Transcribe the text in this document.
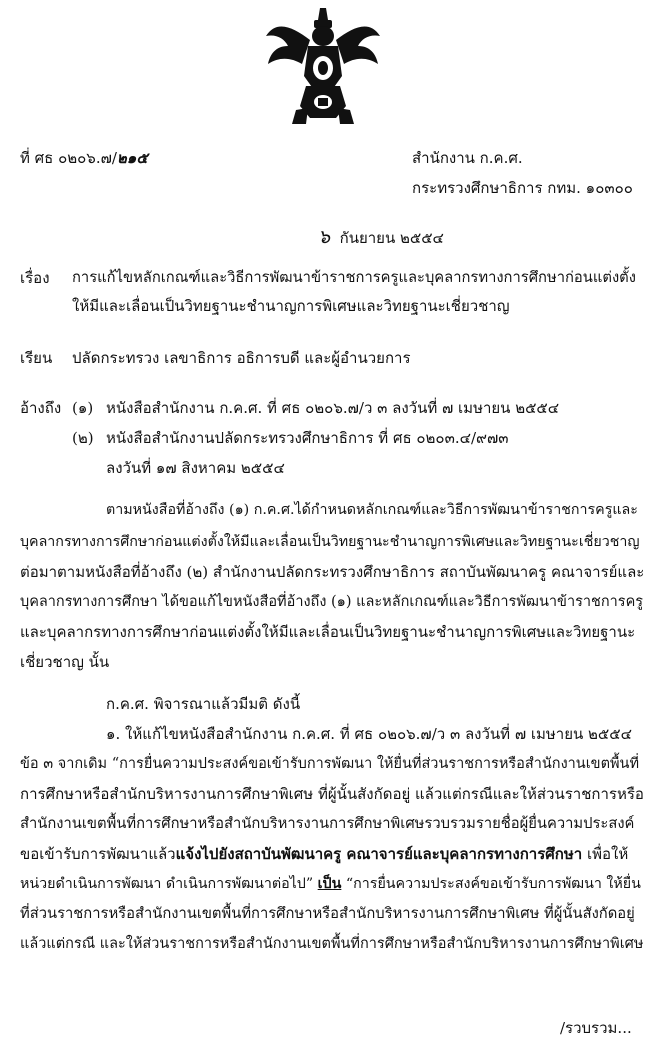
ที่ ศธ ๐๒๐๖.๗/๒๑๕	สำนักงาน ก.ค.ศ.
กระทรวงศึกษาธิการ กทม. ๑๐๓๐๐
๖ กันยายน ๒๕๕๔
เรื่อง การแก้ไขหลักเกณฑ์และวิธีการพัฒนาข้าราชการครูและบุคลากรทางการศึกษาก่อนแต่งตั้ง
ให้มีและเลื่อนเป็นวิทยฐานะชำนาญการพิเศษและวิทยฐานะเชี่ยวชาญ
เรียน ปลัดกระทรวง เลขาธิการ อธิการบดี และผู้อำนวยการ
อ้างถึง (๑) หนังสือสำนักงาน ก.ค.ศ. ที่ ศธ ๐๒๐๖.๗/ว ๓ ลงวันที่ ๗ เมษายน ๒๕๕๔
(๒) หนังสือสำนักงานปลัดกระทรวงศึกษาธิการ ที่ ศธ ๐๒๐๓.๔/๙๗๓
ลงวันที่ ๑๗ สิงหาคม ๒๕๕๔
ตามหนังสือที่อ้างถึง (๑) ก.ค.ศ.ได้กำหนดหลักเกณฑ์และวิธีการพัฒนาข้าราชการครูและ
บุคลากรทางการศึกษาก่อนแต่งตั้งให้มีและเลื่อนเป็นวิทยฐานะชำนาญการพิเศษและวิทยฐานะเชี่ยวชาญ
ต่อมาตามหนังสือที่อ้างถึง (๒) สำนักงานปลัดกระทรวงศึกษาธิการ สถาบันพัฒนาครู คณาจารย์และ
บุคลากรทางการศึกษา ได้ขอแก้ไขหนังสือที่อ้างถึง (๑) และหลักเกณฑ์และวิธีการพัฒนาข้าราชการครู
และบุคลากรทางการศึกษาก่อนแต่งตั้งให้มีและเลื่อนเป็นวิทยฐานะชำนาญการพิเศษและวิทยฐานะ
เชี่ยวชาญ นั้น
ก.ค.ศ. พิจารณาแล้วมีมติ ดังนี้
๑. ให้แก้ไขหนังสือสำนักงาน ก.ค.ศ. ที่ ศธ ๐๒๐๖.๗/ว ๓ ลงวันที่ ๗ เมษายน ๒๕๕๔
ข้อ ๓ จากเดิม “การยื่นความประสงค์ขอเข้ารับการพัฒนา ให้ยื่นที่ส่วนราชการหรือสำนักงานเขตพื้นที่
การศึกษาหรือสำนักบริหารงานการศึกษาพิเศษ ที่ผู้นั้นสังกัดอยู่ แล้วแต่กรณีและให้ส่วนราชการหรือ
สำนักงานเขตพื้นที่การศึกษาหรือสำนักบริหารงานการศึกษาพิเศษรวบรวมรายชื่อผู้ยื่นความประสงค์
ขอเข้ารับการพัฒนาแล้วแจ้งไปยังสถาบันพัฒนาครู คณาจารย์และบุคลากรทางการศึกษา เพื่อให้
หน่วยดำเนินการพัฒนา ดำเนินการพัฒนาต่อไป” เป็น “การยื่นความประสงค์ขอเข้ารับการพัฒนา ให้ยื่น
ที่ส่วนราชการหรือสำนักงานเขตพื้นที่การศึกษาหรือสำนักบริหารงานการศึกษาพิเศษ ที่ผู้นั้นสังกัดอยู่
แล้วแต่กรณี และให้ส่วนราชการหรือสำนักงานเขตพื้นที่การศึกษาหรือสำนักบริหารงานการศึกษาพิเศษ
/รวบรวม...
